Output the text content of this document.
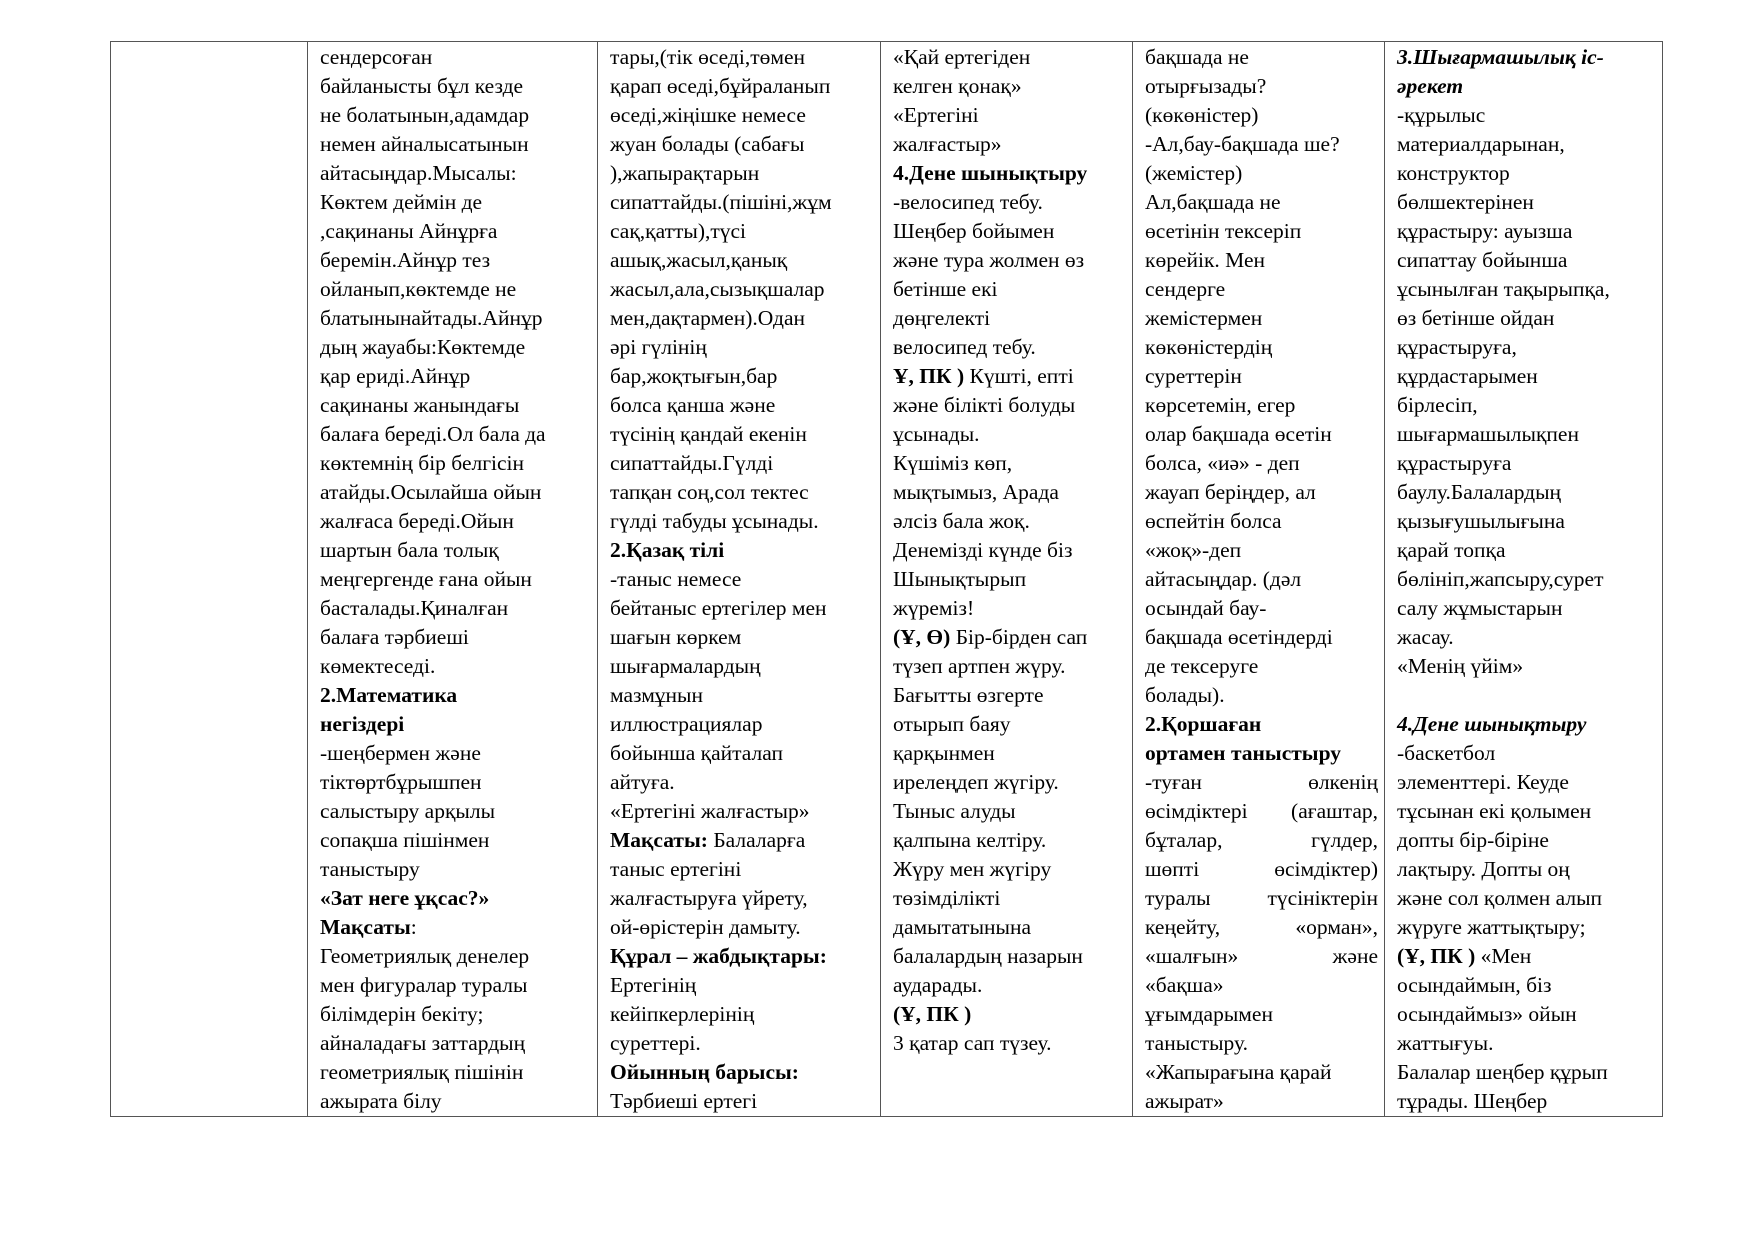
сендерсоған
байланысты бұл кезде
не болатынын,адамдар
немен айналысатынын
айтасыңдар.Мысалы:
Көктем деймін де
,сақинаны Айнұрға
беремін.Айнұр тез
ойланып,көктемде не
блатынынайтады.Айнұр
дың жауабы:Көктемде
қар ериді.Айнұр
сақинаны жанындағы
балаға береді.Ол бала да
көктемнің бір белгісін
атайды.Осылайша ойын
жалғаса береді.Ойын
шартын бала толық
меңгергенде ғана ойын
басталады.Қиналған
балаға тәрбиеші
көмектеседі.
2.Математика
негіздері
-шеңбермен және
тіктөртбұрышпен
салыстыру арқылы
сопақша пішінмен
таныстыру
«Зат неге ұқсас?»
Мақсаты:
Геометриялық денелер
мен фигуралар туралы
білімдерін бекіту;
айналадағы заттардың
геометриялық пішінін
ажырата білу

тары,(тік өседі,төмен
қарап өседі,бұйраланып
өседі,жіңішке немесе
жуан болады (сабағы
),жапырақтарын
сипаттайды.(пішіні,жұм
сақ,қатты),түсі
ашық,жасыл,қанық
жасыл,ала,сызықшалар
мен,дақтармен).Одан
әрі гүлінің
бар,жоқтығын,бар
болса қанша және
түсінің қандай екенін
сипаттайды.Гүлді
тапқан соң,сол тектес
гүлді табуды ұсынады.
2.Қазақ тілі
-таныс немесе
бейтаныс ертегілер мен
шағын көркем
шығармалардың
мазмұнын
иллюстрациялар
бойынша қайталап
айтуға.
«Ертегіні жалғастыр»
Мақсаты: Балаларға
таныс ертегіні
жалғастыруға үйрету,
ой-өрістерін дамыту.
Құрал – жабдықтары:
Ертегінің
кейіпкерлерінің
суреттері.
Ойынның барысы:
Тәрбиеші ертегі

«Қай ертегіден
келген қонақ»
«Ертегіні
жалғастыр»
4.Дене шынықтыру
-велосипед тебу.
Шеңбер бойымен
және тура жолмен өз
бетінше екі
дөңгелекті
велосипед тебу.
Ұ, ПК ) Күшті, епті
және білікті болуды
ұсынады.
Күшіміз көп,
мықтымыз, Арада
әлсіз бала жоқ.
Денемізді күнде біз
Шынықтырып
жүреміз!
(Ұ, Ө) Бір-бірден сап
түзеп артпен жүру.
Бағытты өзгерте
отырып баяу
қарқынмен
ирелеңдеп жүгіру.
Тыныс алуды
қалпына келтіру.
Жүру мен жүгіру
төзімділікті
дамытатынына
балалардың назарын
аударады.
(Ұ, ПК )
3 қатар сап түзеу.

бақшада не
отырғызады?
(көкөністер)
-Ал,бау-бақшада ше?
(жемістер)
Ал,бақшада не
өсетінін тексеріп
көрейік. Мен
сендерге
жемістермен
көкөністердің
суреттерін
көрсетемін, егер
олар бақшада өсетін
болса, «иә» - деп
жауап беріңдер, ал
өспейтін болса
«жоқ»-деп
айтасыңдар. (дәл
осындай бау-
бақшада өсетіндерді
де тексеруге
болады).
2.Қоршаған
ортамен таныстыру
-туған өлкенің
өсімдіктері (ағаштар,
бұталар, гүлдер,
шөпті өсімдіктер)
туралы түсініктерін
кеңейту, «орман»,
«шалғын» және
«бақша»
ұғымдарымен
таныстыру.
«Жапырағына қарай
ажырат»

3.Шығармашылық іс-
әрекет
-құрылыс
материалдарынан,
конструктор
бөлшектерінен
құрастыру: ауызша
сипаттау бойынша
ұсынылған тақырыпқа,
өз бетінше ойдан
құрастыруға,
құрдастарымен
бірлесіп,
шығармашылықпен
құрастыруға
баулу.Балалардың
қызығушылығына
қарай топқа
бөлініп,жапсыру,сурет
салу жұмыстарын
жасау.
«Менің үйім»
4.Дене шынықтыру
-баскетбол
элементтері. Кеуде
тұсынан екі қолымен
допты бір-біріне
лақтыру. Допты оң
және сол қолмен алып
жүруге жаттықтыру;
(Ұ, ПК ) «Мен
осындаймын, біз
осындаймыз» ойын
жаттығуы.
Балалар шеңбер құрып
тұрады. Шеңбер
